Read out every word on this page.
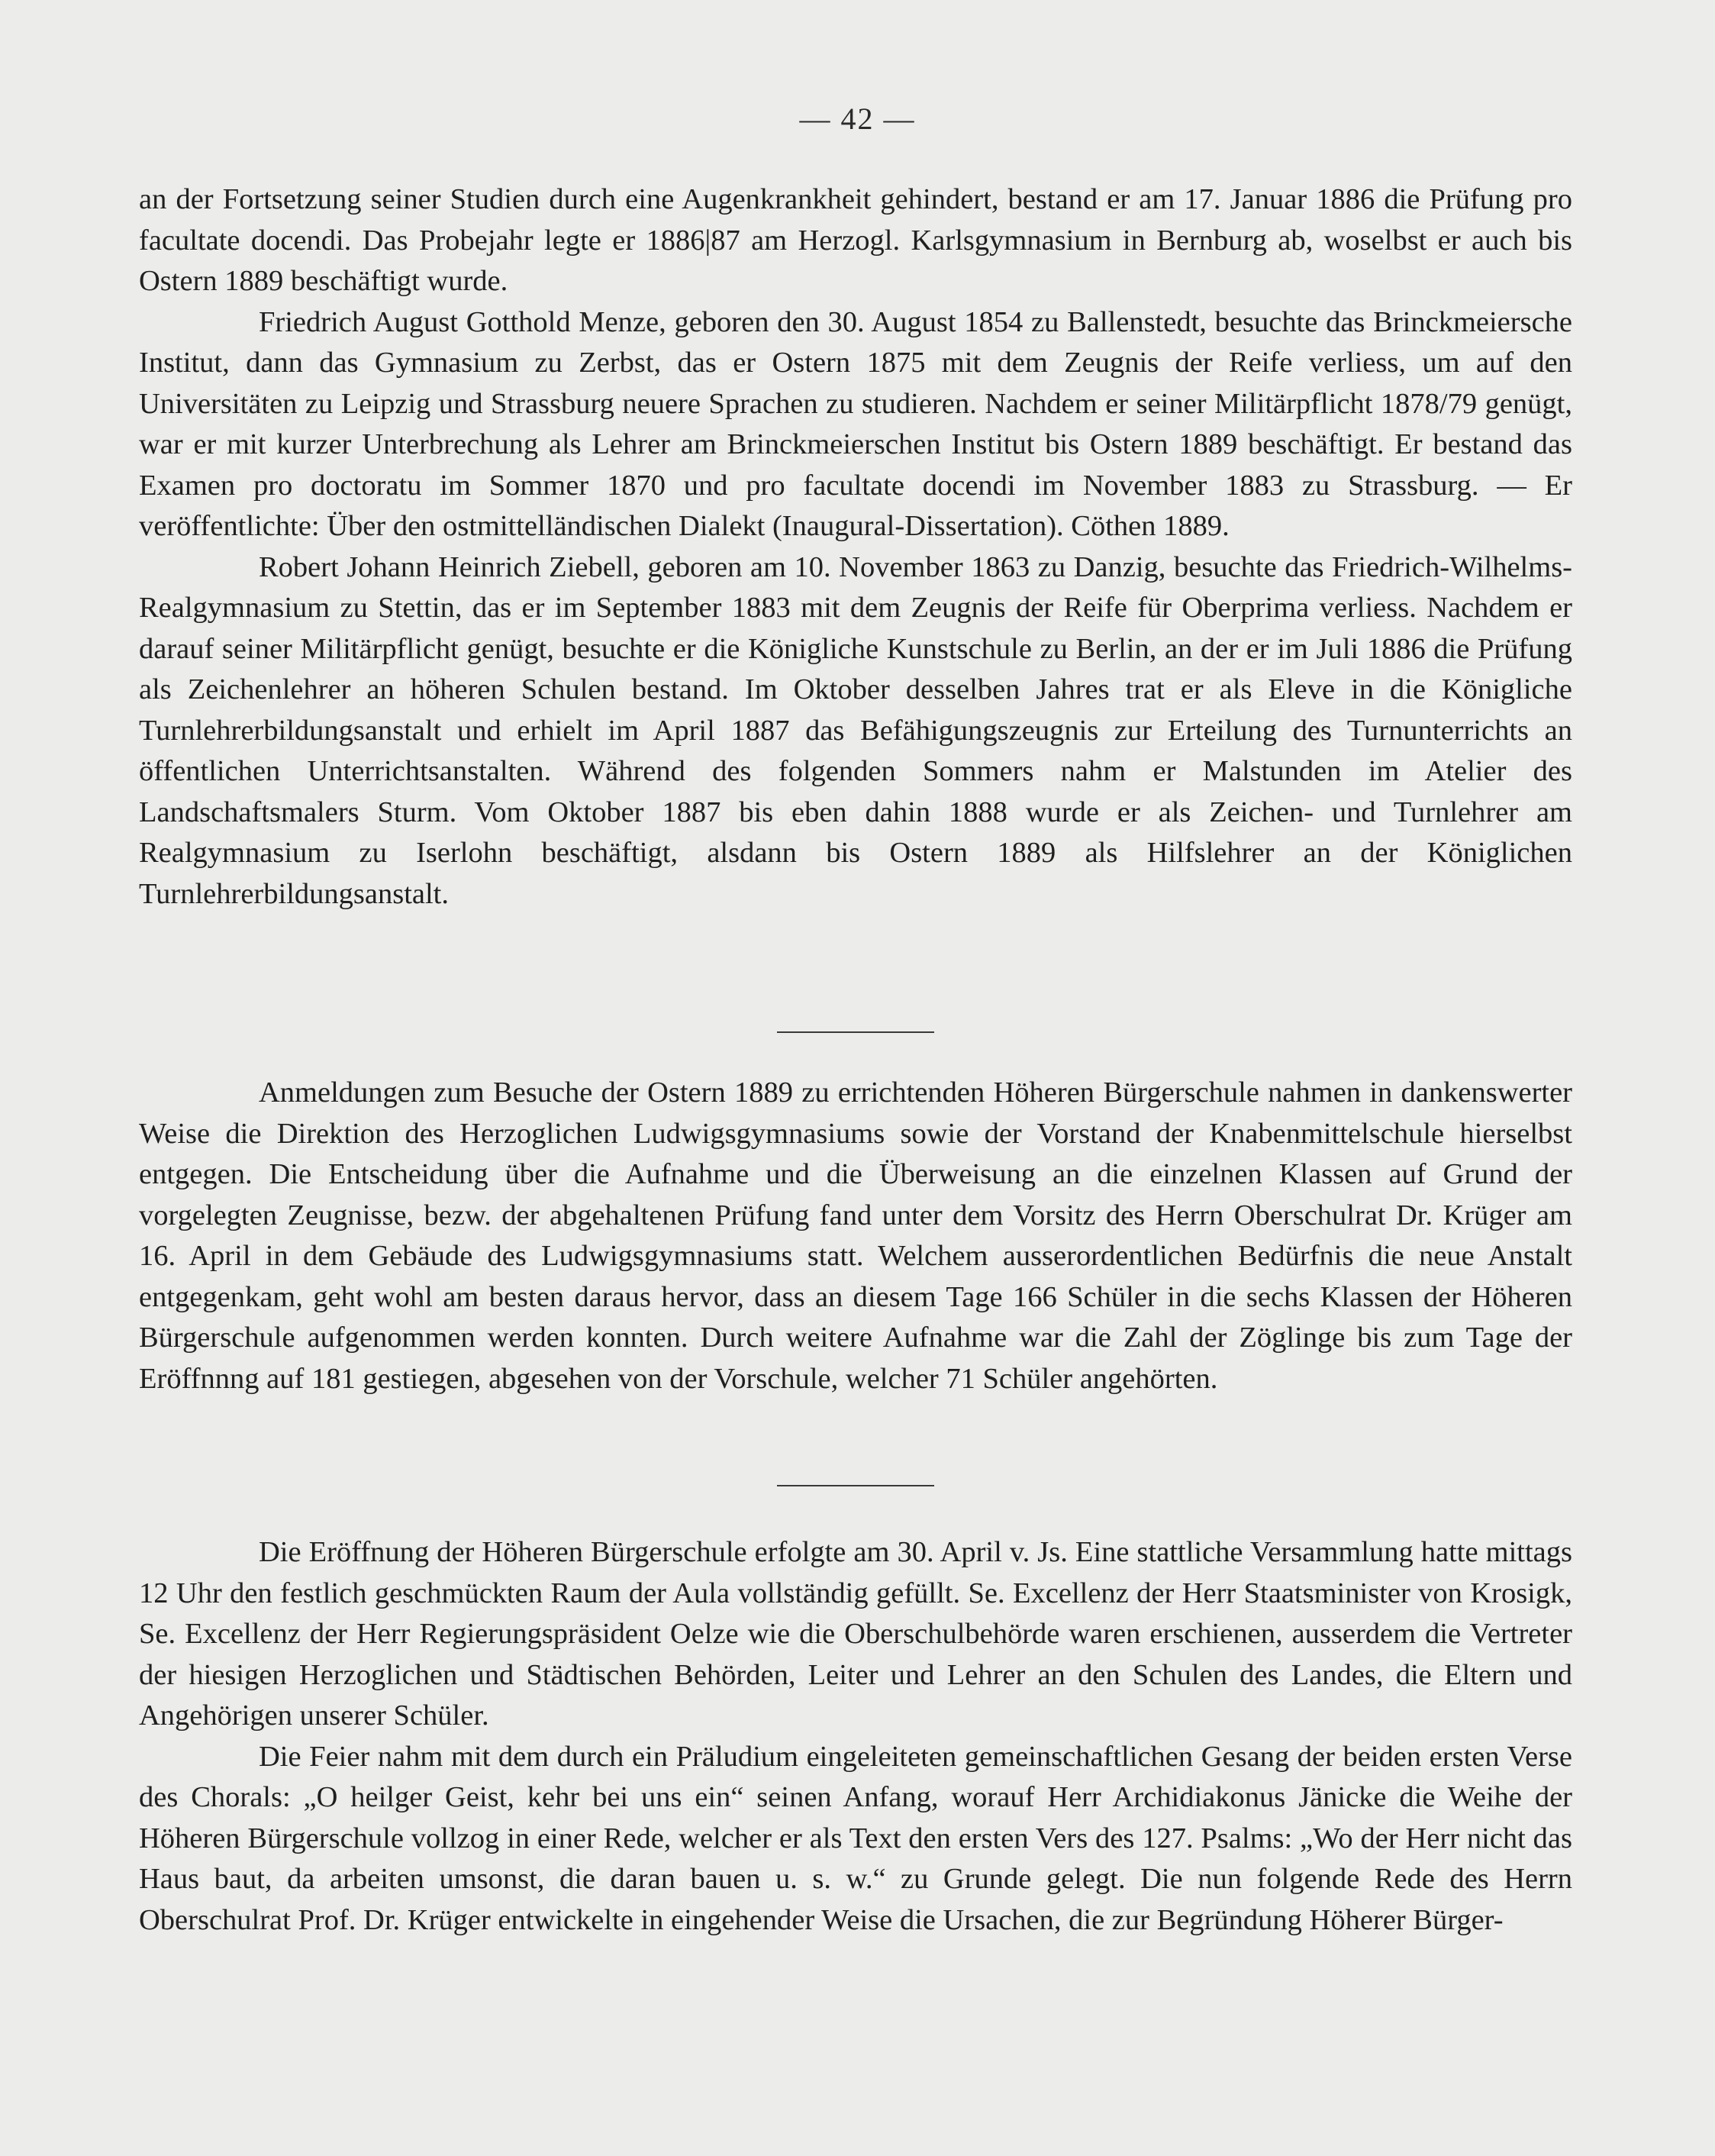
— 42 —

an der Fortsetzung seiner Studien durch eine Augenkrankheit gehindert, bestand er am 17. Januar 1886 die Prüfung pro facultate docendi. Das Probejahr legte er 1886|87 am Herzogl. Karlsgymnasium in Bernburg ab, woselbst er auch bis Ostern 1889 beschäftigt wurde.

Friedrich August Gotthold Menze, geboren den 30. August 1854 zu Ballenstedt, besuchte das Brinckmeiersche Institut, dann das Gymnasium zu Zerbst, das er Ostern 1875 mit dem Zeugnis der Reife verliess, um auf den Universitäten zu Leipzig und Strassburg neuere Sprachen zu studieren. Nachdem er seiner Militärpflicht 1878/79 genügt, war er mit kurzer Unterbrechung als Lehrer am Brinckmeierschen Institut bis Ostern 1889 beschäftigt. Er bestand das Examen pro doctoratu im Sommer 1870 und pro facultate docendi im November 1883 zu Strassburg. — Er veröffentlichte: Über den ostmittelländischen Dialekt (Inaugural-Dissertation). Cöthen 1889.

Robert Johann Heinrich Ziebell, geboren am 10. November 1863 zu Danzig, besuchte das Friedrich-Wilhelms-Realgymnasium zu Stettin, das er im September 1883 mit dem Zeugnis der Reife für Oberprima verliess. Nachdem er darauf seiner Militärpflicht genügt, besuchte er die Königliche Kunstschule zu Berlin, an der er im Juli 1886 die Prüfung als Zeichenlehrer an höheren Schulen bestand. Im Oktober desselben Jahres trat er als Eleve in die Königliche Turnlehrerbildungsanstalt und erhielt im April 1887 das Befähigungszeugnis zur Erteilung des Turnunterrichts an öffentlichen Unterrichtsanstalten. Während des folgenden Sommers nahm er Malstunden im Atelier des Landschaftsmalers Sturm. Vom Oktober 1887 bis eben dahin 1888 wurde er als Zeichen- und Turnlehrer am Realgymnasium zu Iserlohn beschäftigt, alsdann bis Ostern 1889 als Hilfslehrer an der Königlichen Turnlehrerbildungsanstalt.

Anmeldungen zum Besuche der Ostern 1889 zu errichtenden Höheren Bürgerschule nahmen in dankenswerter Weise die Direktion des Herzoglichen Ludwigsgymnasiums sowie der Vorstand der Knabenmittelschule hierselbst entgegen. Die Entscheidung über die Aufnahme und die Überweisung an die einzelnen Klassen auf Grund der vorgelegten Zeugnisse, bezw. der abgehaltenen Prüfung fand unter dem Vorsitz des Herrn Oberschulrat Dr. Krüger am 16. April in dem Gebäude des Ludwigsgymnasiums statt. Welchem ausserordentlichen Bedürfnis die neue Anstalt entgegenkam, geht wohl am besten daraus hervor, dass an diesem Tage 166 Schüler in die sechs Klassen der Höheren Bürgerschule aufgenommen werden konnten. Durch weitere Aufnahme war die Zahl der Zöglinge bis zum Tage der Eröffnnng auf 181 gestiegen, abgesehen von der Vorschule, welcher 71 Schüler angehörten.

Die Eröffnung der Höheren Bürgerschule erfolgte am 30. April v. Js. Eine stattliche Versammlung hatte mittags 12 Uhr den festlich geschmückten Raum der Aula vollständig gefüllt. Se. Excellenz der Herr Staatsminister von Krosigk, Se. Excellenz der Herr Regierungspräsident Oelze wie die Oberschulbehörde waren erschienen, ausserdem die Vertreter der hiesigen Herzoglichen und Städtischen Behörden, Leiter und Lehrer an den Schulen des Landes, die Eltern und Angehörigen unserer Schüler.

Die Feier nahm mit dem durch ein Präludium eingeleiteten gemeinschaftlichen Gesang der beiden ersten Verse des Chorals: „O heilger Geist, kehr bei uns ein“ seinen Anfang, worauf Herr Archidiakonus Jänicke die Weihe der Höheren Bürgerschule vollzog in einer Rede, welcher er als Text den ersten Vers des 127. Psalms: „Wo der Herr nicht das Haus baut, da arbeiten umsonst, die daran bauen u. s. w.“ zu Grunde gelegt. Die nun folgende Rede des Herrn Oberschulrat Prof. Dr. Krüger entwickelte in eingehender Weise die Ursachen, die zur Begründung Höherer Bürger-
